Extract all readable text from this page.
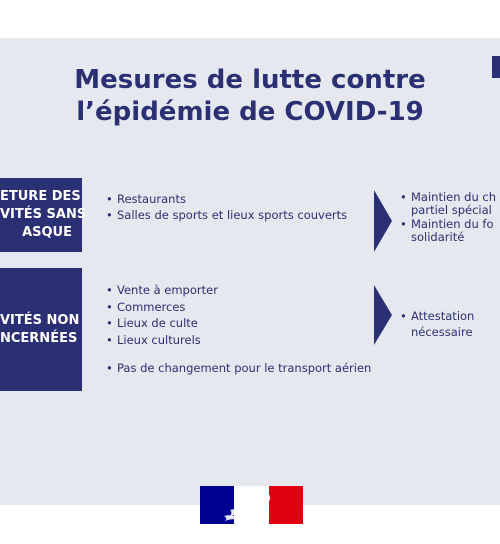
Mesures de lutte contre
l’épidémie de COVID-19
ETURE DES
VITÉS SANS
ASQUE
• Restaurants
• Salles de sports et lieux sports couverts
• Maintien du ch
partiel spécial
• Maintien du fo
solidarité
VITÉS NON
NCERNÉES
• Vente à emporter
• Commerces
• Lieux de culte
• Lieux culturels
• Pas de changement pour le transport aérien
• Attestation
nécessaire
